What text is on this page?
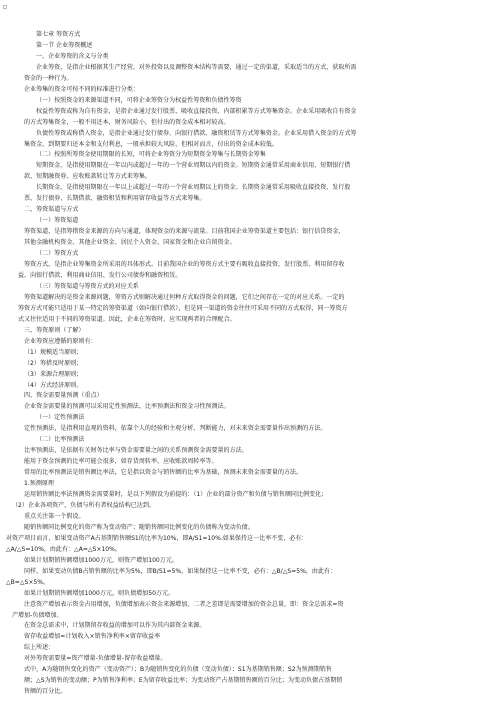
第七章 筹资方式
第一节 企业筹资概述
一、企业筹资的含义与分类
企业筹资，是指企业根据其生产经营、对外投资以及调整资本结构等需要，通过一定的渠道，采取适当的方式，获取所需
资金的一种行为。
企业筹集的资金可按不同的标准进行分类：
（一）按照资金的来源渠道不同，可将企业筹资分为权益性筹资和负债性筹资
权益性筹资或称为自有资金，是指企业通过发行股票、吸收直接投资、内部积累等方式筹集资金。企业采用吸收自有资金
的方式筹集资金，一般不用还本，财务风险小，但付出的资金成本相对较高。
负债性筹资或称借入资金，是指企业通过发行债券、向银行借款、融资租赁等方式筹集资金。企业采用借入资金的方式筹
集资金，到期要归还本金和支付利息，一般承担较大风险，但相对而言，付出的资金成本较低。
（二）按照所筹资金使用期限的长短，可将企业筹资分为短期资金筹集与长期资金筹集
短期资金，是指使用期限在一年以内或超过一年的一个营业周期以内的资金。短期资金通常采用商业信用、短期银行借
款、短期融资券、应收账款转让等方式来筹集。
长期资金，是指使用期限在一年以上或超过一年的一个营业周期以上的资金。长期资金通常采用吸收直接投资、发行股
票、发行债券、长期借款、融资租赁和利用留存收益等方式来筹集。
二、筹资渠道与方式
（一）筹资渠道
筹资渠道，是指筹措资金来源的方向与通道，体现资金的来源与流量。目前我国企业筹资渠道主要包括：银行信贷资金、
其他金融机构资金、其他企业资金、居民个人资金、国家资金和企业自留资金。
（二）筹资方式
筹资方式，是指企业筹集资金所采用的具体形式。目前我国企业的筹资方式主要有吸收直接投资、发行股票、利用留存收
益、向银行借款、利用商业信用、发行公司债券和融资租赁。
（三）筹资渠道与筹资方式的对应关系
筹资渠道解决的是资金来源问题，筹资方式则解决通过何种方式取得资金的问题，它们之间存在一定的对应关系。一定的
筹资方式可能只适用于某一特定的筹资渠道（如向银行借款），但是同一渠道的资金往往可采用不同的方式取得，同一筹资方
式又往往适用于不同的筹资渠道。因此，企业在筹资时，应实现两者的合理配合。
三、筹资原则（了解）
企业筹资应遵循的原则有：
（1）规模适当原则；
（2）筹措及时原则；
（3）来源合理原则；
（4）方式经济原则。
四、资金需要量预测（重点）
企业资金需要量的预测可以采用定性预测法、比率预测法和资金习性预测法。
（一）定性预测法
定性预测法，是指利用直观的资料，依靠个人的经验和主观分析、判断能力，对未来资金需要量作出预测的方法。
（二）比率预测法
比率预测法，是依据有关财务比率与资金需要量之间的关系预测资金需要量的方法。
能用于资金预测的比率可能会很多，如存货周转率、应收账款周转率等。
常用的比率预测法是销售额比率法，它是指以资金与销售额的比率为基础，预测未来资金需要量的方法。
1.预测原理
运用销售额比率法预测资金需要量时，是以下列假设为前提的：（1）企业的部分资产和负债与销售额同比例变化；
（2）企业各项资产、负债与所有者权益结构已达到。
重点关注第一个假设。
随销售额同比例变化的资产称为变动资产；随销售额同比例变化的负债称为变动负债。
对资产项目而言，如果变动资产A占基期销售额S1的比率为10%，即A/S1=10%.如果保持这一比率不变，必有：
△A/△S=10%，由此有：△A=△S×10%。
如果计划期销售额增加1000万元，则资产增加100万元。
同样，如果变动负债B占销售额的比率为5%，即B/S1=5%，如果保持这一比率不变，必有：△B/△S=5%，由此有：
△B=△S×5%。
如果计划期销售额增加1000万元，则负债增加50万元。
注意资产增加表示资金占用增加，负债增加表示资金来源增加，二者之差即是需要增加的资金总量，即：资金总需求=资
产增加-负债增加。
在资金总需求中，计划期留存收益的增加可以作为其内部资金来源。
留存收益增加=计划收入×销售净利率×留存收益率
综上所述：
对外筹资需要量=资产增量-负债增量-留存收益增量。
式中，A为随销售变化的资产（变动资产）；B为随销售变化的负债（变动负债）；S1为基期销售额；S2为预测期销售
额；△S为销售的变动额；P为销售净利率；E为留存收益比率；为变动资产占基期销售额的百分比；为变动负债占基期销
售额的百分比。
